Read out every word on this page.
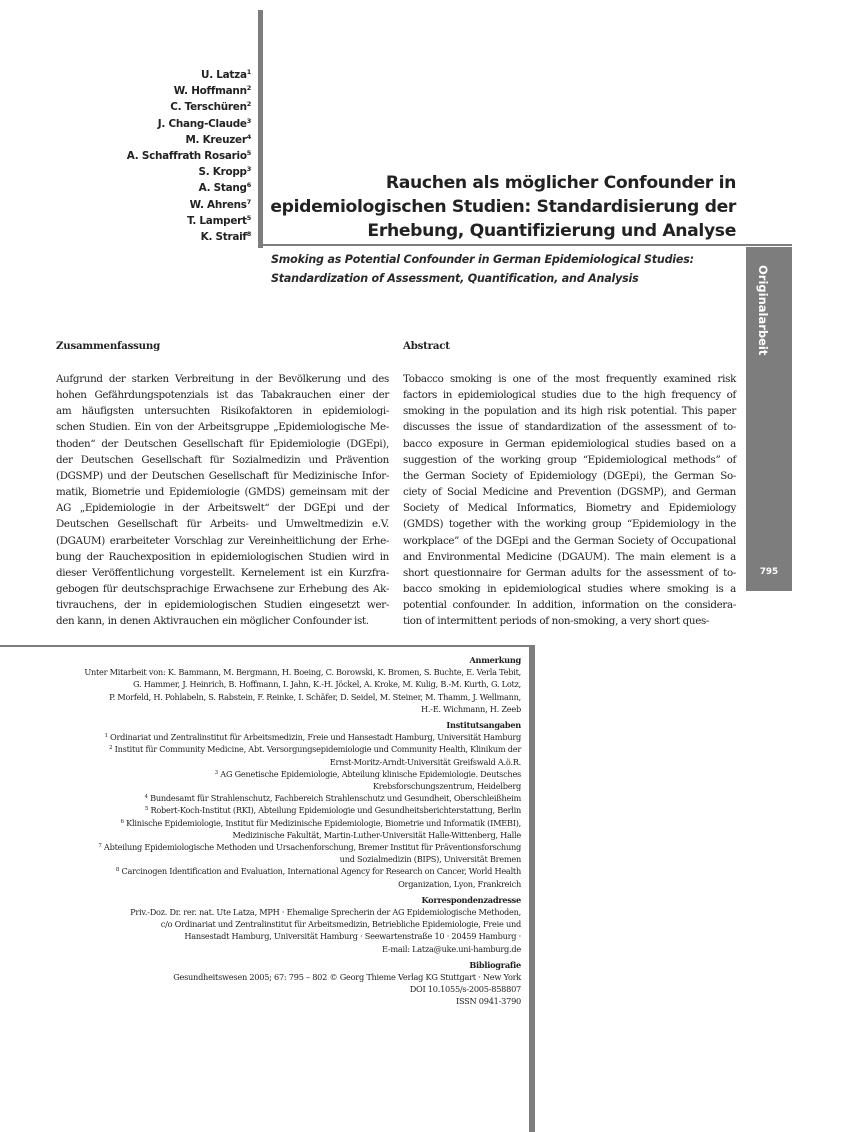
U. Latza$^1$
W. Hoffmann$^2$
C. Terschüren$^2$
J. Chang-Claude$^3$
M. Kreuzer$^4$
A. Schaffrath Rosario$^5$
S. Kropp$^3$
A. Stang$^6$
W. Ahrens$^7$
T. Lampert$^5$
K. Straif$^8$
Rauchen als möglicher Confounder in
epidemiologischen Studien: Standardisierung der
Erhebung, Quantifizierung und Analyse
Smoking as Potential Confounder in German Epidemiological Studies:
Standardization of Assessment, Quantification, and Analysis	Originalarbeit
795
Zusammenfassung	Abstract
Aufgrund der starken Verbreitung in der Bevölkerung und des
hohen Gefährdungspotenzials ist das Tabakrauchen einer der
am häufigsten untersuchten Risikofaktoren in epidemiologi-
schen Studien. Ein von der Arbeitsgruppe „Epidemiologische Me-
thoden“ der Deutschen Gesellschaft für Epidemiologie (DGEpi),
der Deutschen Gesellschaft für Sozialmedizin und Prävention
(DGSMP) und der Deutschen Gesellschaft für Medizinische Infor-
matik, Biometrie und Epidemiologie (GMDS) gemeinsam mit der
AG „Epidemiologie in der Arbeitswelt“ der DGEpi und der
Deutschen Gesellschaft für Arbeits- und Umweltmedizin e.V.
(DGAUM) erarbeiteter Vorschlag zur Vereinheitlichung der Erhe-
bung der Rauchexposition in epidemiologischen Studien wird in
dieser Veröffentlichung vorgestellt. Kernelement ist ein Kurzfra-
gebogen für deutschsprachige Erwachsene zur Erhebung des Ak-
tivrauchens, der in epidemiologischen Studien eingesetzt wer-
den kann, in denen Aktivrauchen ein möglicher Confounder ist.
Tobacco smoking is one of the most frequently examined risk
factors in epidemiological studies due to the high frequency of
smoking in the population and its high risk potential. This paper
discusses the issue of standardization of the assessment of to-
bacco exposure in German epidemiological studies based on a
suggestion of the working group “Epidemiological methods” of
the German Society of Epidemiology (DGEpi), the German So-
ciety of Social Medicine and Prevention (DGSMP), and German
Society of Medical Informatics, Biometry and Epidemiology
(GMDS) together with the working group “Epidemiology in the
workplace” of the DGEpi and the German Society of Occupational
and Environmental Medicine (DGAUM). The main element is a
short questionnaire for German adults for the assessment of to-
bacco smoking in epidemiological studies where smoking is a
potential confounder. In addition, information on the considera-
tion of intermittent periods of non-smoking, a very short ques-
Anmerkung
Unter Mitarbeit von: K. Bammann, M. Bergmann, H. Boeing, C. Borowski, K. Bromen, S. Buchte, E. Verla Tebit,
G. Hammer, J. Heinrich, B. Hoffmann, I. Jahn, K.-H. Jöckel, A. Kroke, M. Kulig, B.-M. Kurth, G. Lotz,
P. Morfeld, H. Pohlabeln, S. Rabstein, F. Reinke, I. Schäfer, D. Seidel, M. Steiner, M. Thamm, J. Wellmann,
H.-E. Wichmann, H. Zeeb
Institutsangaben
$^1$ Ordinariat und Zentralinstitut für Arbeitsmedizin, Freie und Hansestadt Hamburg, Universität Hamburg
$^2$ Institut für Community Medicine, Abt. Versorgungsepidemiologie und Community Health, Klinikum der
Ernst-Moritz-Arndt-Universität Greifswald A.ö.R.
$^3$ AG Genetische Epidemiologie, Abteilung klinische Epidemiologie. Deutsches
Krebsforschungszentrum, Heidelberg
$^4$ Bundesamt für Strahlenschutz, Fachbereich Strahlenschutz und Gesundheit, Oberschleißheim
$^5$ Robert-Koch-Institut (RKI), Abteilung Epidemiologie und Gesundheitsberichterstattung, Berlin
$^6$ Klinische Epidemiologie, Institut für Medizinische Epidemiologie, Biometrie und Informatik (IMEBI),
Medizinische Fakultät, Martin-Luther-Universität Halle-Wittenberg, Halle
$^7$ Abteilung Epidemiologische Methoden und Ursachenforschung, Bremer Institut für Präventionsforschung
und Sozialmedizin (BIPS), Universität Bremen
$^8$ Carcinogen Identification and Evaluation, International Agency for Research on Cancer, World Health
Organization, Lyon, Frankreich
Korrespondenzadresse
Priv.-Doz. Dr. rer. nat. Ute Latza, MPH · Ehemalige Sprecherin der AG Epidemiologische Methoden,
c/o Ordinariat und Zentralinstitut für Arbeitsmedizin, Betriebliche Epidemiologie, Freie und
Hansestadt Hamburg, Universität Hamburg · Seewartenstraße 10 · 20459 Hamburg ·
E-mail: Latza@uke.uni-hamburg.de
Bibliografie
Gesundheitswesen 2005; 67: 795 – 802 © Georg Thieme Verlag KG Stuttgart · New York
DOI 10.1055/s-2005-858807
ISSN 0941-3790
